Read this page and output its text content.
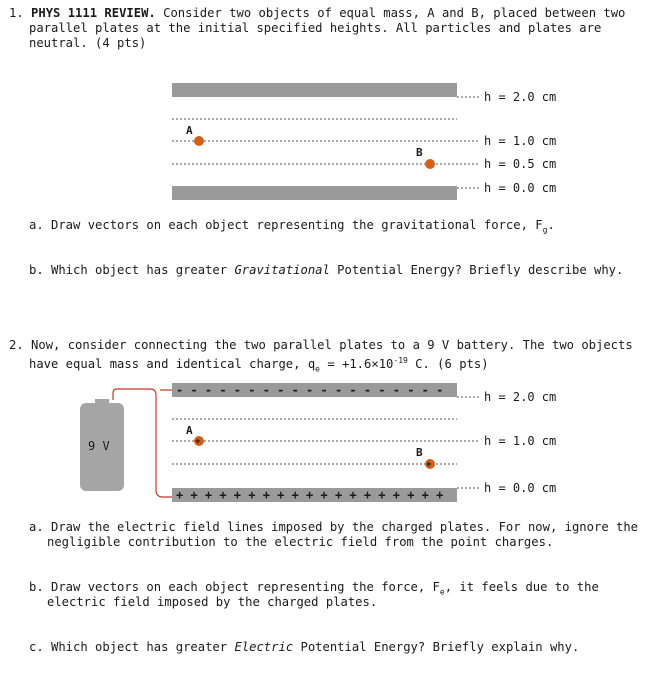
1. PHYS 1111 REVIEW. Consider two objects of equal mass, A and B, placed between two
parallel plates at the initial specified heights. All particles and plates are
neutral. (4 pts)
A
B
h = 2.0 cm
h = 1.0 cm
h = 0.5 cm
h = 0.0 cm
a. Draw vectors on each object representing the gravitational force, $F_g$.
b. Which object has greater Gravitational Potential Energy? Briefly describe why.
2. Now, consider connecting the two parallel plates to a 9 V battery. The two objects
have equal mass and identical charge, $q_e = +1.6\times 10^{-19}$ C. (6 pts)
9 V
- - - - - - - - - - - - - - - - - - -
+ + + + + + + + + + + + + + + + + + +
+
+
A
B
h = 2.0 cm
h = 1.0 cm
h = 0.0 cm
a. Draw the electric field lines imposed by the charged plates. For now, ignore the
negligible contribution to the electric field from the point charges.
b. Draw vectors on each object representing the force, $F_e$, it feels due to the
electric field imposed by the charged plates.
c. Which object has greater Electric Potential Energy? Briefly explain why.
